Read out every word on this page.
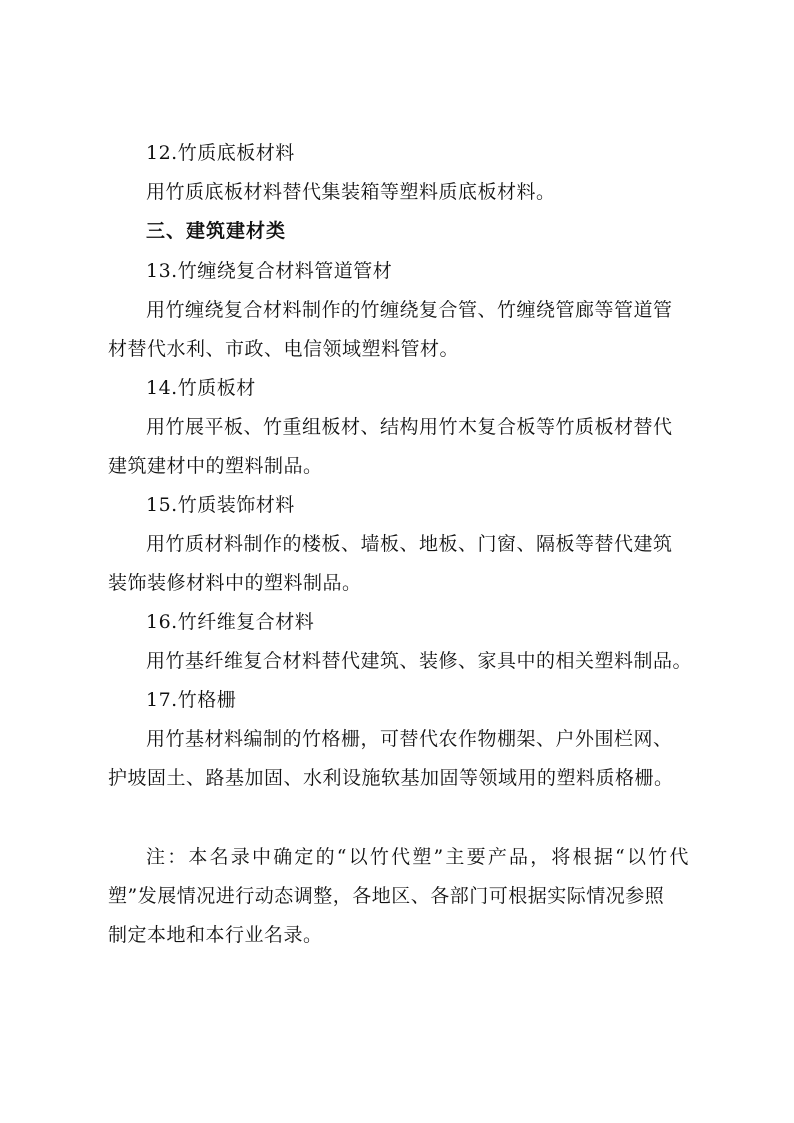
12.竹质底板材料
用竹质底板材料替代集装箱等塑料质底板材料。
三、建筑建材类
13.竹缠绕复合材料管道管材
用竹缠绕复合材料制作的竹缠绕复合管、竹缠绕管廊等管道管
材替代水利、市政、电信领域塑料管材。
14.竹质板材
用竹展平板、竹重组板材、结构用竹木复合板等竹质板材替代
建筑建材中的塑料制品。
15.竹质装饰材料
用竹质材料制作的楼板、墙板、地板、门窗、隔板等替代建筑
装饰装修材料中的塑料制品。
16.竹纤维复合材料
用竹基纤维复合材料替代建筑、装修、家具中的相关塑料制品。
17.竹格栅
用竹基材料编制的竹格栅，可替代农作物棚架、户外围栏网、
护坡固土、路基加固、水利设施软基加固等领域用的塑料质格栅。
注：本名录中确定的“以竹代塑”主要产品，将根据“以竹代
塑”发展情况进行动态调整，各地区、各部门可根据实际情况参照
制定本地和本行业名录。
